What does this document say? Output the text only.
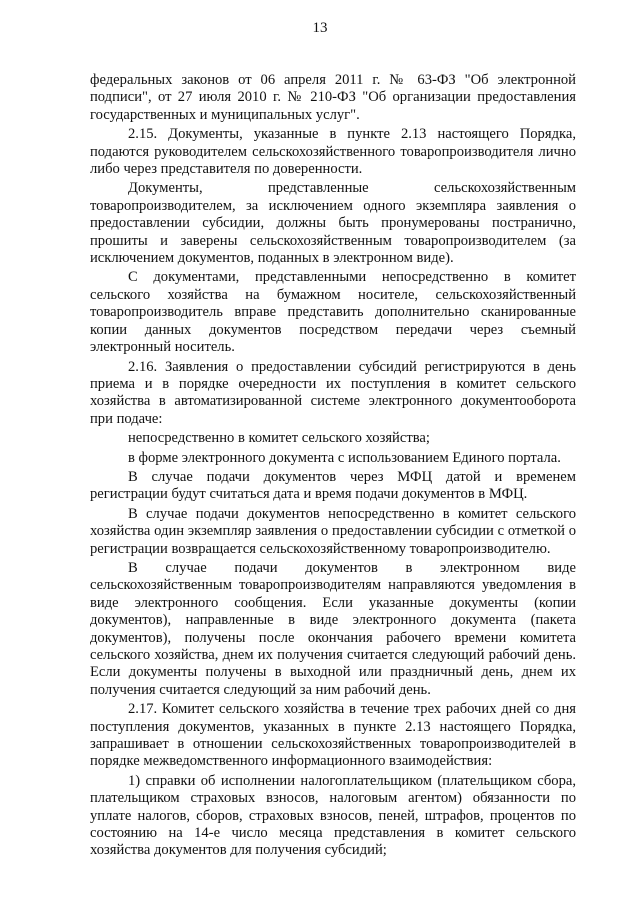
13

федеральных законов от 06 апреля 2011 г. № 63-ФЗ "Об электронной подписи", от 27 июля 2010 г. № 210-ФЗ "Об организации предоставления государственных и муниципальных услуг".

2.15. Документы, указанные в пункте 2.13 настоящего Порядка, подаются руководителем сельскохозяйственного товаропроизводителя лично либо через представителя по доверенности.

Документы, представленные сельскохозяйственным товаропроизводителем, за исключением одного экземпляра заявления о предоставлении субсидии, должны быть пронумерованы постранично, прошиты и заверены сельскохозяйственным товаропроизводителем (за исключением документов, поданных в электронном виде).

С документами, представленными непосредственно в комитет сельского хозяйства на бумажном носителе, сельскохозяйственный товаропроизводитель вправе представить дополнительно сканированные копии данных документов посредством передачи через съемный электронный носитель.

2.16. Заявления о предоставлении субсидий регистрируются в день приема и в порядке очередности их поступления в комитет сельского хозяйства в автоматизированной системе электронного документооборота при подаче:

непосредственно в комитет сельского хозяйства;

в форме электронного документа с использованием Единого портала.

В случае подачи документов через МФЦ датой и временем регистрации будут считаться дата и время подачи документов в МФЦ.

В случае подачи документов непосредственно в комитет сельского хозяйства один экземпляр заявления о предоставлении субсидии с отметкой о регистрации возвращается сельскохозяйственному товаропроизводителю.

В случае подачи документов в электронном виде сельскохозяйственным товаропроизводителям направляются уведомления в виде электронного сообщения. Если указанные документы (копии документов), направленные в виде электронного документа (пакета документов), получены после окончания рабочего времени комитета сельского хозяйства, днем их получения считается следующий рабочий день. Если документы получены в выходной или праздничный день, днем их получения считается следующий за ним рабочий день.

2.17. Комитет сельского хозяйства в течение трех рабочих дней со дня поступления документов, указанных в пункте 2.13 настоящего Порядка, запрашивает в отношении сельскохозяйственных товаропроизводителей в порядке межведомственного информационного взаимодействия:

1) справки об исполнении налогоплательщиком (плательщиком сбора, плательщиком страховых взносов, налоговым агентом) обязанности по уплате налогов, сборов, страховых взносов, пеней, штрафов, процентов по состоянию на 14-е число месяца представления в комитет сельского хозяйства документов для получения субсидий;
